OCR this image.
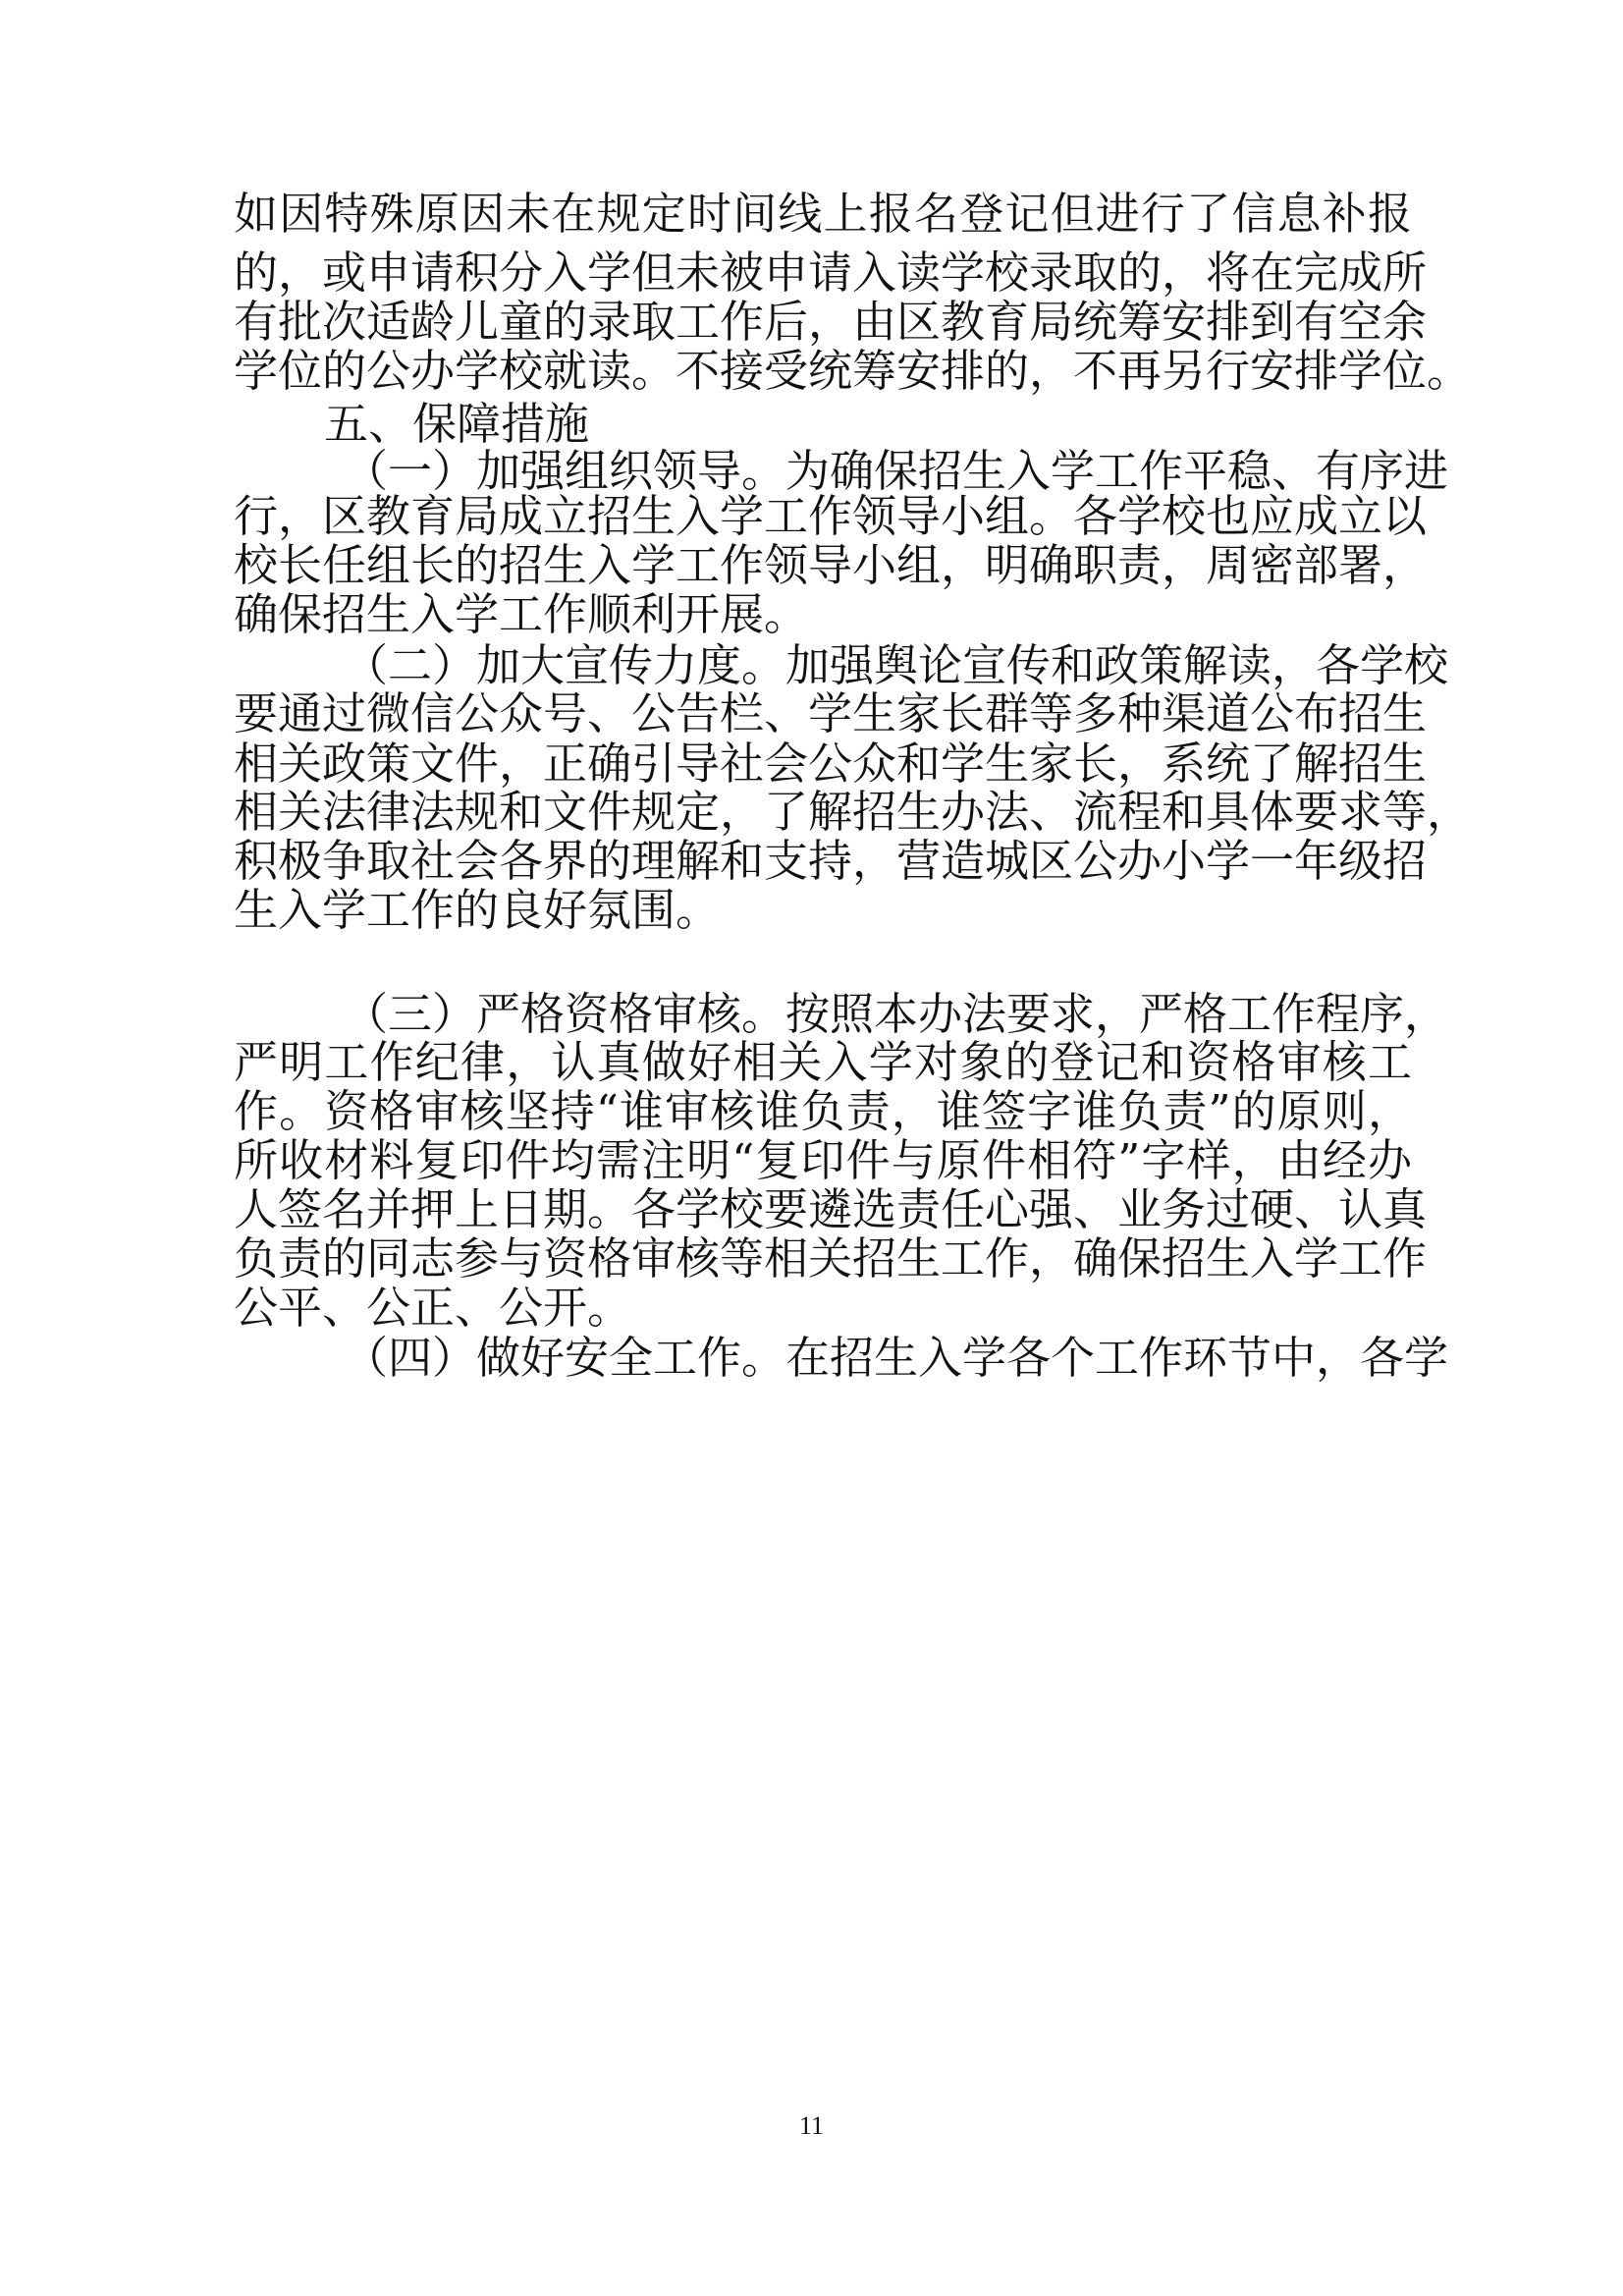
如因特殊原因未在规定时间线上报名登记但进行了信息补报
的，或申请积分入学但未被申请入读学校录取的，将在完成所
有批次适龄儿童的录取工作后，由区教育局统筹安排到有空余
学位的公办学校就读。不接受统筹安排的，不再另行安排学位。
五、保障措施
（一）加强组织领导。为确保招生入学工作平稳、有序进
行，区教育局成立招生入学工作领导小组。各学校也应成立以
校长任组长的招生入学工作领导小组，明确职责，周密部署，
确保招生入学工作顺利开展。
（二）加大宣传力度。加强舆论宣传和政策解读，各学校
要通过微信公众号、公告栏、学生家长群等多种渠道公布招生
相关政策文件，正确引导社会公众和学生家长，系统了解招生
相关法律法规和文件规定，了解招生办法、流程和具体要求等，
积极争取社会各界的理解和支持，营造城区公办小学一年级招
生入学工作的良好氛围。
（三）严格资格审核。按照本办法要求，严格工作程序，
严明工作纪律，认真做好相关入学对象的登记和资格审核工
作。资格审核坚持“谁审核谁负责，谁签字谁负责”的原则，
所收材料复印件均需注明“复印件与原件相符”字样，由经办
人签名并押上日期。各学校要遴选责任心强、业务过硬、认真
负责的同志参与资格审核等相关招生工作，确保招生入学工作
公平、公正、公开。
（四）做好安全工作。在招生入学各个工作环节中，各学
11
